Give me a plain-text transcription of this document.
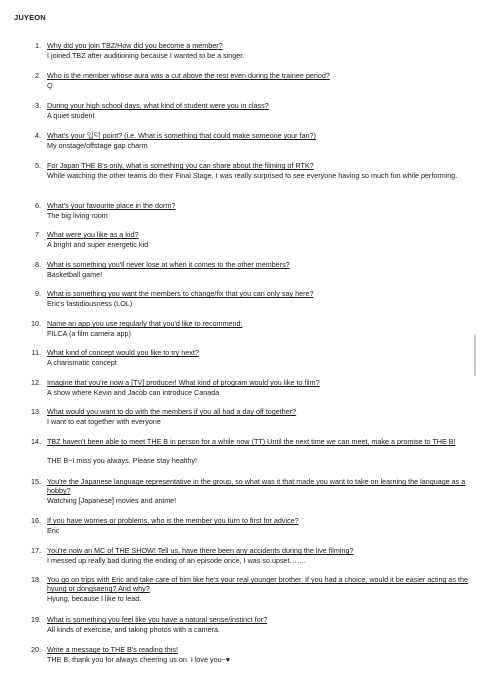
JUYEON
1. Why did you join TBZ/How did you become a member?
I joined TBZ after auditioning because I wanted to be a singer.
2. Who is the member whose aura was a cut above the rest even during the trainee period?
Q
3. During your high school days, what kind of student were you in class?
A quiet student
4. What's your 입덕 point? (i.e. What is something that could make someone your fan?)
My onstage/offstage gap charm
5. For Japan THE B's only, what is something you can share about the filming of RTK?
While watching the other teams do their Final Stage, I was really surprised to see everyone having so much fun while performing.
6. What's your favourite place in the dorm?
The big living room
7. What were you like as a kid?
A bright and super energetic kid
8. What is something you'll never lose at when it comes to the other members?
Basketball game!
9. What is something you want the members to change/fix that you can only say here?
Eric's fastidiousness (LOL)
10. Name an app you use regularly that you'd like to recommend:
FILCA (a film camera app)
11. What kind of concept would you like to try next?
A charismatic concept
12. Imagine that you're now a [TV] producer! What kind of program would you like to film?
A show where Kevin and Jacob can introduce Canada
13. What would you want to do with the members if you all had a day off together?
I want to eat together with everyone
14. TBZ haven't been able to meet THE B in person for a while now (TT) Until the next time we can meet, make a promise to THE B!
THE B~I miss you always. Please stay healthy!
15. You're the Japanese language representative in the group, so what was it that made you want to take on learning the language as a hobby?
Watching [Japanese] movies and anime!
16. If you have worries or problems, who is the member you turn to first for advice?
Eric
17. You're now an MC of THE SHOW! Tell us, have there been any accidents during the live filming?
I messed up really bad during the ending of an episode once, I was so upset…….
18. You go on trips with Eric and take care of him like he's your real younger brother. If you had a choice, would it be easier acting as the hyung or dongsaeng? And why?
Hyung, because I like to lead.
19. What is something you feel like you have a natural sense/instinct for?
All kinds of exercise, and taking photos with a camera.
20. Write a message to THE B's reading this!
THE B, thank you for always cheering us on. I love you~♥
